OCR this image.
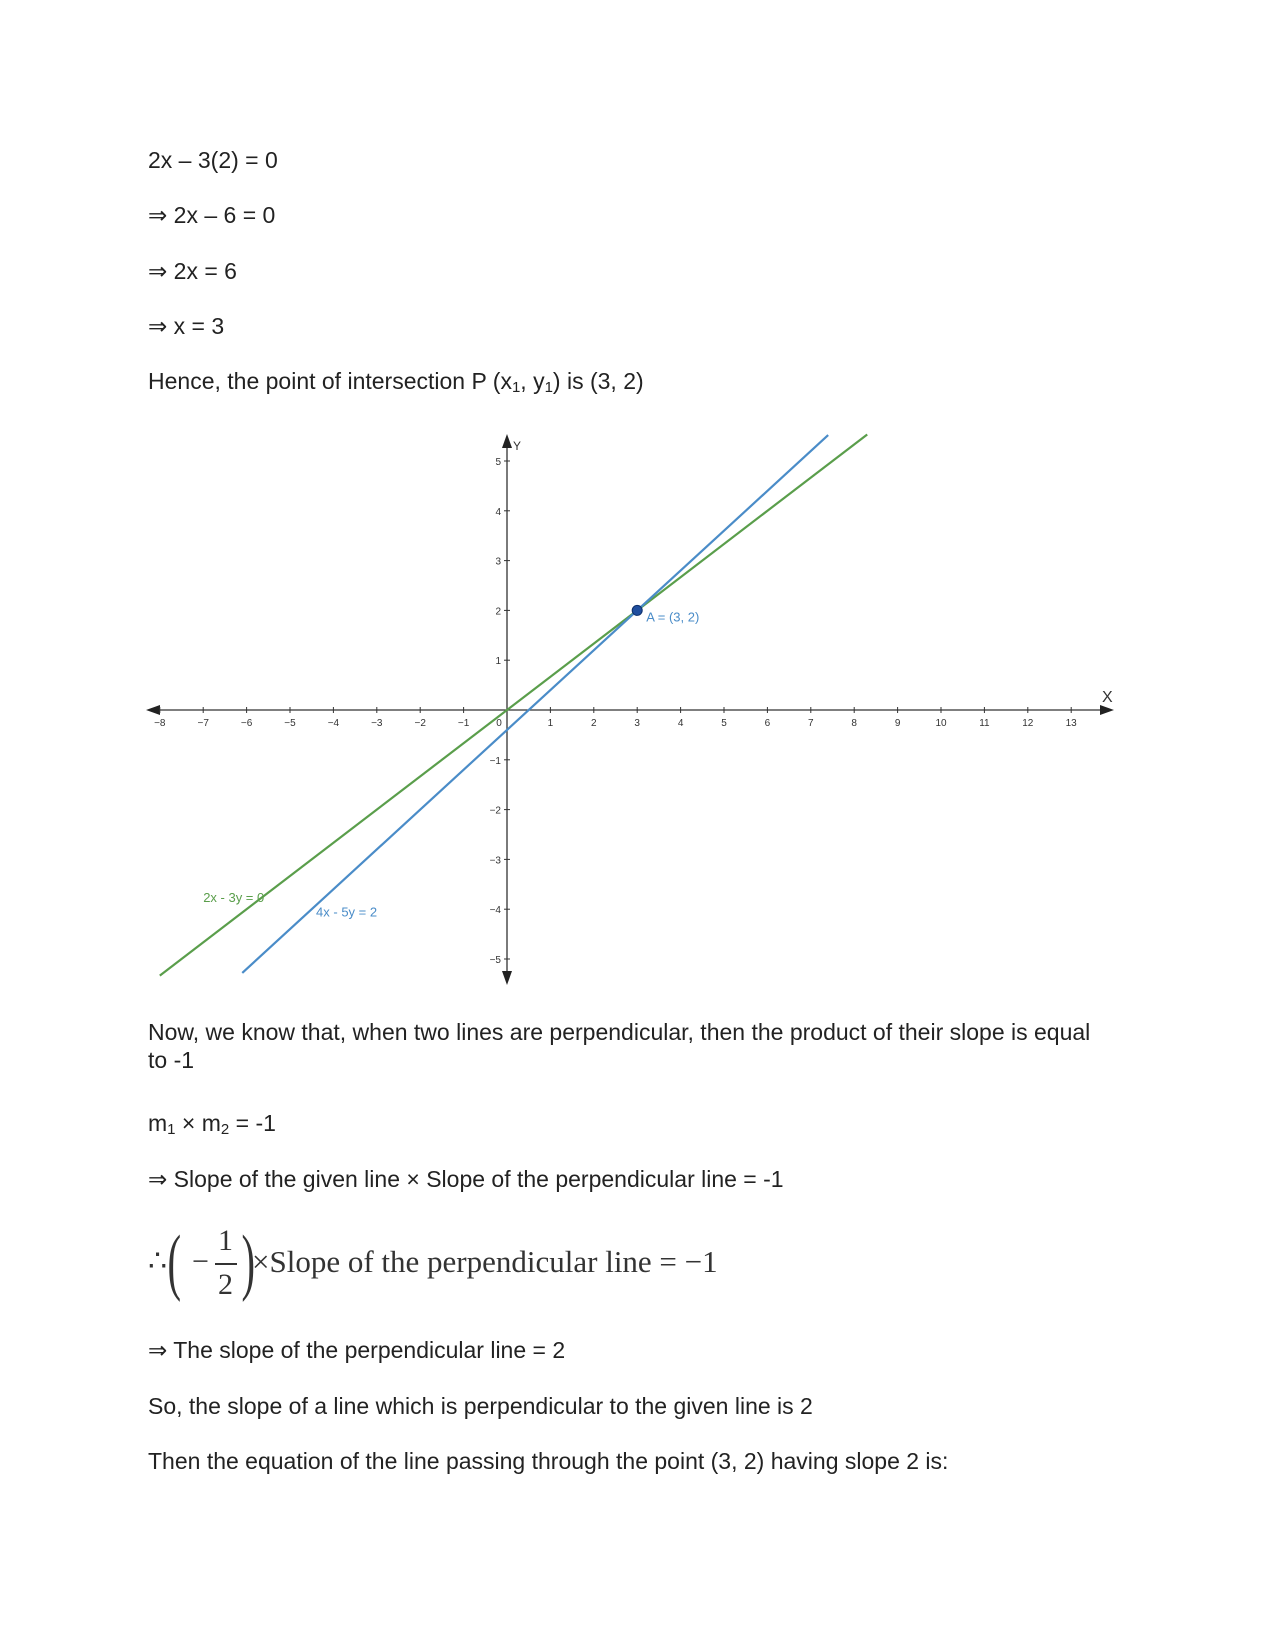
2x – 3(2) = 0
⇒ 2x – 6 = 0
⇒ 2x = 6
⇒ x = 3
Hence, the point of intersection P ($x_1$, $y_1$) is (3, 2)
X
Y
−8	−7	−6	−5	−4	−3	−2	−1	0	1	2	3	4	5	6	7	8	9	10	11	12	13
−5
−4
−3
−2
−1
1
2
3
4
5
2x - 3y = 0
4x - 5y = 2
A = (3, 2)
Now, we know that, when two lines are perpendicular, then the product of their slope is equal to -1
$m_1 \times m_2 = -1$
⇒ Slope of the given line × Slope of the perpendicular line = -1
∴ ( −
1
2 )
×Slope of the perpendicular line = −1
⇒ The slope of the perpendicular line = 2
So, the slope of a line which is perpendicular to the given line is 2
Then the equation of the line passing through the point (3, 2) having slope 2 is:
